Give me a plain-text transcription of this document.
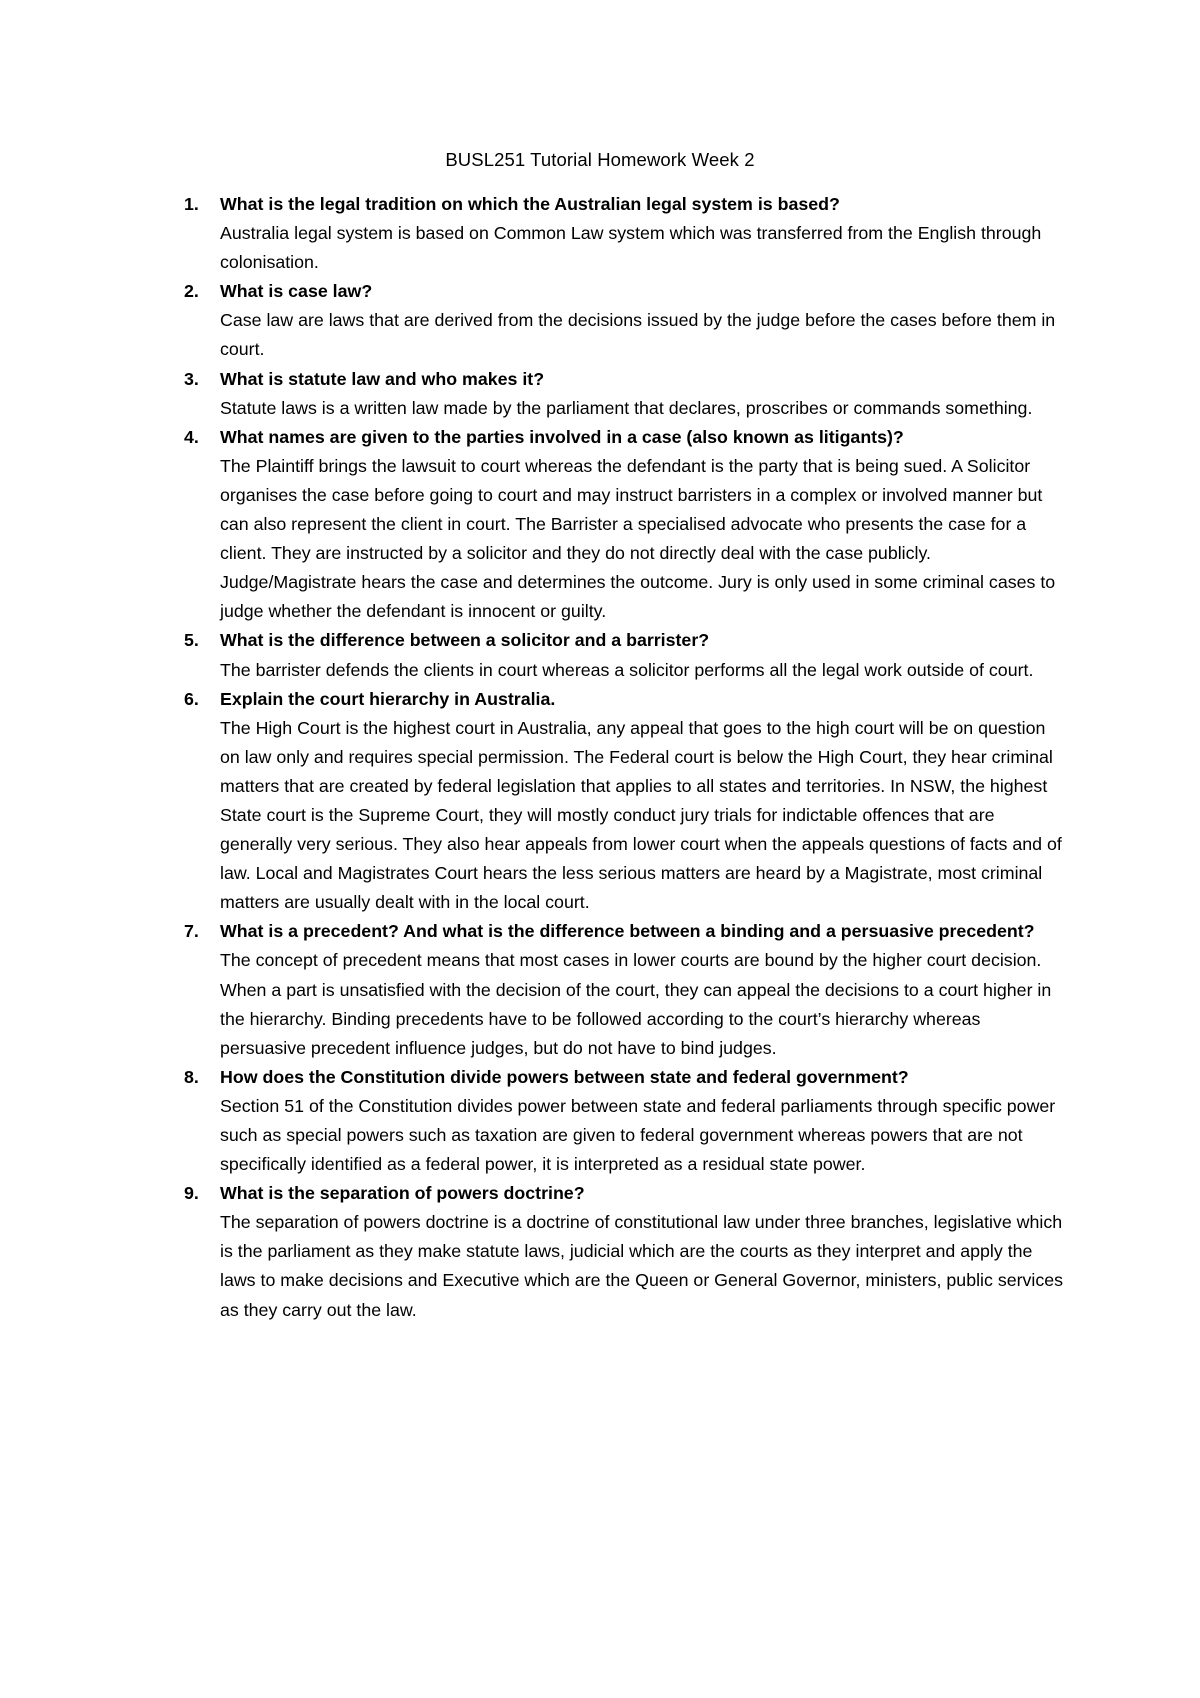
BUSL251 Tutorial Homework Week 2
1. What is the legal tradition on which the Australian legal system is based?
Australia legal system is based on Common Law system which was transferred from the English through colonisation.
2. What is case law?
Case law are laws that are derived from the decisions issued by the judge before the cases before them in court.
3. What is statute law and who makes it?
Statute laws is a written law made by the parliament that declares, proscribes or commands something.
4. What names are given to the parties involved in a case (also known as litigants)?
The Plaintiff brings the lawsuit to court whereas the defendant is the party that is being sued. A Solicitor organises the case before going to court and may instruct barristers in a complex or involved manner but can also represent the client in court. The Barrister a specialised advocate who presents the case for a client. They are instructed by a solicitor and they do not directly deal with the case publicly. Judge/Magistrate hears the case and determines the outcome. Jury is only used in some criminal cases to judge whether the defendant is innocent or guilty.
5. What is the difference between a solicitor and a barrister?
The barrister defends the clients in court whereas a solicitor performs all the legal work outside of court.
6. Explain the court hierarchy in Australia.
The High Court is the highest court in Australia, any appeal that goes to the high court will be on question on law only and requires special permission. The Federal court is below the High Court, they hear criminal matters that are created by federal legislation that applies to all states and territories. In NSW, the highest State court is the Supreme Court, they will mostly conduct jury trials for indictable offences that are generally very serious. They also hear appeals from lower court when the appeals questions of facts and of law. Local and Magistrates Court hears the less serious matters are heard by a Magistrate, most criminal matters are usually dealt with in the local court.
7. What is a precedent? And what is the difference between a binding and a persuasive precedent?
The concept of precedent means that most cases in lower courts are bound by the higher court decision. When a part is unsatisfied with the decision of the court, they can appeal the decisions to a court higher in the hierarchy. Binding precedents have to be followed according to the court’s hierarchy whereas persuasive precedent influence judges, but do not have to bind judges.
8. How does the Constitution divide powers between state and federal government?
Section 51 of the Constitution divides power between state and federal parliaments through specific power such as special powers such as taxation are given to federal government whereas powers that are not specifically identified as a federal power, it is interpreted as a residual state power.
9. What is the separation of powers doctrine?
The separation of powers doctrine is a doctrine of constitutional law under three branches, legislative which is the parliament as they make statute laws, judicial which are the courts as they interpret and apply the laws to make decisions and Executive which are the Queen or General Governor, ministers, public services as they carry out the law.
